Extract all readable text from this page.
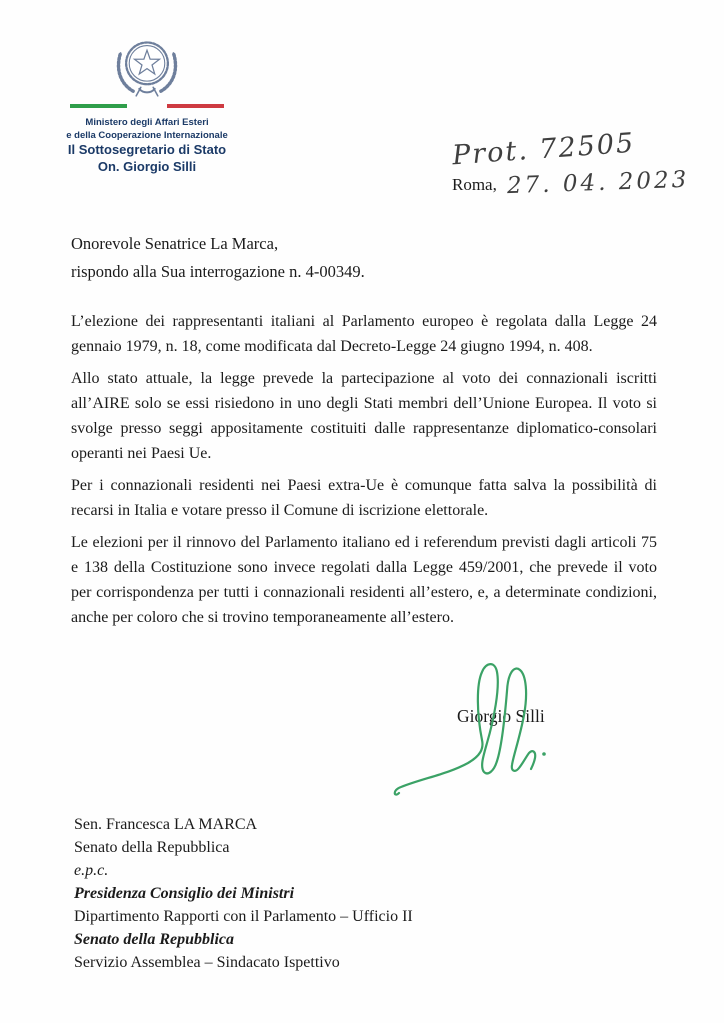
Ministero degli Affari Esteri
e della Cooperazione Internazionale
Il Sottosegretario di Stato
On. Giorgio Silli	Prot. 72505
Roma, 27. 04. 2023
Onorevole Senatrice La Marca,
rispondo alla Sua interrogazione n. 4-00349.

L’elezione dei rappresentanti italiani al Parlamento europeo è regolata dalla Legge 24 gennaio 1979, n. 18, come modificata dal Decreto-Legge 24 giugno 1994, n. 408.

Allo stato attuale, la legge prevede la partecipazione al voto dei connazionali iscritti all’AIRE solo se essi risiedono in uno degli Stati membri dell’Unione Europea. Il voto si svolge presso seggi appositamente costituiti dalle rappresentanze diplomatico-consolari operanti nei Paesi Ue.

Per i connazionali residenti nei Paesi extra-Ue è comunque fatta salva la possibilità di recarsi in Italia e votare presso il Comune di iscrizione elettorale.

Le elezioni per il rinnovo del Parlamento italiano ed i referendum previsti dagli articoli 75 e 138 della Costituzione sono invece regolati dalla Legge 459/2001, che prevede il voto per corrispondenza per tutti i connazionali residenti all’estero, e, a determinate condizioni, anche per coloro che si trovino temporaneamente all’estero.

Giorgio Silli
Sen. Francesca LA MARCA
Senato della Repubblica
e.p.c.
Presidenza Consiglio dei Ministri
Dipartimento Rapporti con il Parlamento – Ufficio II
Senato della Repubblica
Servizio Assemblea – Sindacato Ispettivo
